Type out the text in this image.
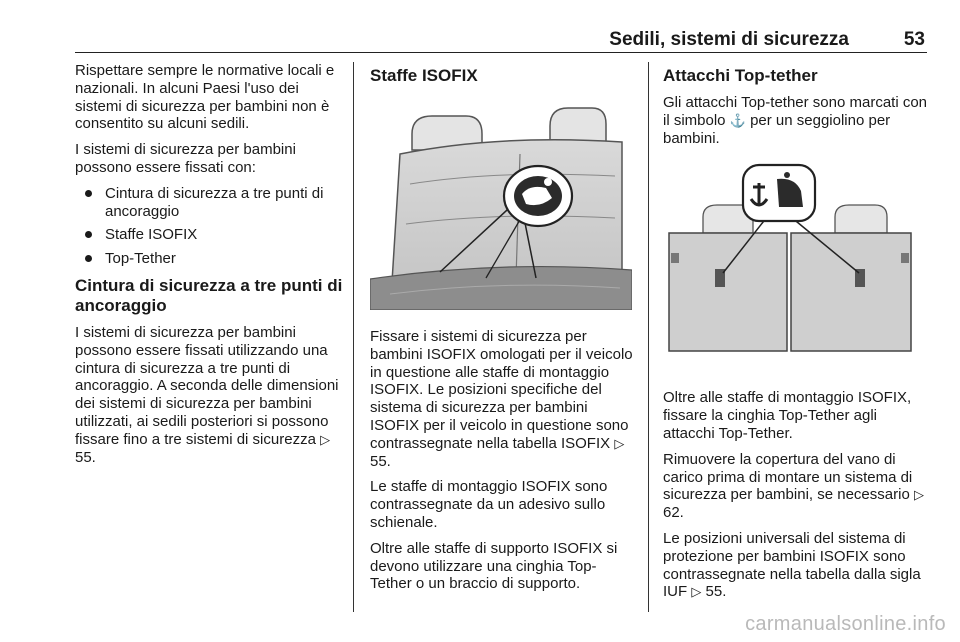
Sedili, sistemi di sicurezza	53

Rispettare sempre le normative locali e nazionali. In alcuni Paesi l'uso dei sistemi di sicurezza per bambini non è consentito su alcuni sedili.

I sistemi di sicurezza per bambini possono essere fissati con:

Cintura di sicurezza a tre punti di ancoraggio
Staffe ISOFIX
Top-Tether
Cintura di sicurezza a tre punti di ancoraggio

I sistemi di sicurezza per bambini possono essere fissati utilizzando una cintura di sicurezza a tre punti di ancoraggio. A seconda delle dimensioni dei sistemi di sicurezza per bambini utilizzati, ai sedili posteriori si possono fissare fino a tre sistemi di sicurezza ▷ 55.

Staffe ISOFIX

Fissare i sistemi di sicurezza per bambini ISOFIX omologati per il veicolo in questione alle staffe di montaggio ISOFIX. Le posizioni specifiche del sistema di sicurezza per bambini ISOFIX per il veicolo in questione sono contrassegnate nella tabella ISOFIX ▷ 55.

Le staffe di montaggio ISOFIX sono contrassegnate da un adesivo sullo schienale.

Oltre alle staffe di supporto ISOFIX si devono utilizzare una cinghia Top-Tether o un braccio di supporto.

Attacchi Top-tether

Gli attacchi Top-tether sono marcati con il simbolo ⚓ per un seggiolino per bambini.

Oltre alle staffe di montaggio ISOFIX, fissare la cinghia Top-Tether agli attacchi Top-Tether.

Rimuovere la copertura del vano di carico prima di montare un sistema di sicurezza per bambini, se necessario ▷ 62.

Le posizioni universali del sistema di protezione per bambini ISOFIX sono contrassegnate nella tabella dalla sigla IUF ▷ 55.

carmanualsonline.info
